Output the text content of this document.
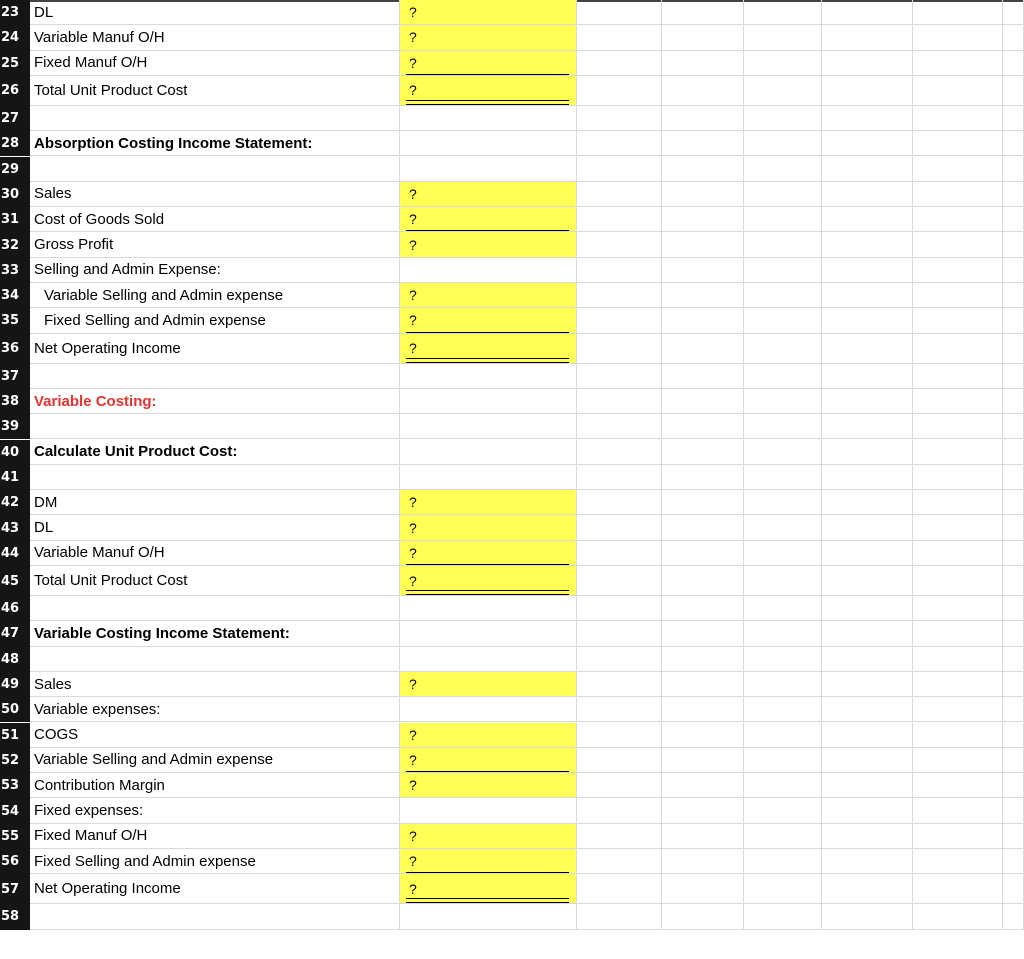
23 DL	?
24 Variable Manuf O/H	?
25 Fixed Manuf O/H	?
26 Total Unit Product Cost	?
27
28 Absorption Costing Income Statement:
29
30 Sales	?
31 Cost of Goods Sold	?
32 Gross Profit	?
33 Selling and Admin Expense:
34	Variable Selling and Admin expense	?
35	Fixed Selling and Admin expense	?
36 Net Operating Income	?
37
38 Variable Costing:
39
40 Calculate Unit Product Cost:
41
42 DM	?
43 DL	?
44 Variable Manuf O/H	?
45 Total Unit Product Cost	?
46
47 Variable Costing Income Statement:
48
49 Sales	?
50 Variable expenses:
51 COGS	?
52 Variable Selling and Admin expense	?
53 Contribution Margin	?
54 Fixed expenses:
55 Fixed Manuf O/H	?
56 Fixed Selling and Admin expense	?
57 Net Operating Income	?
58
